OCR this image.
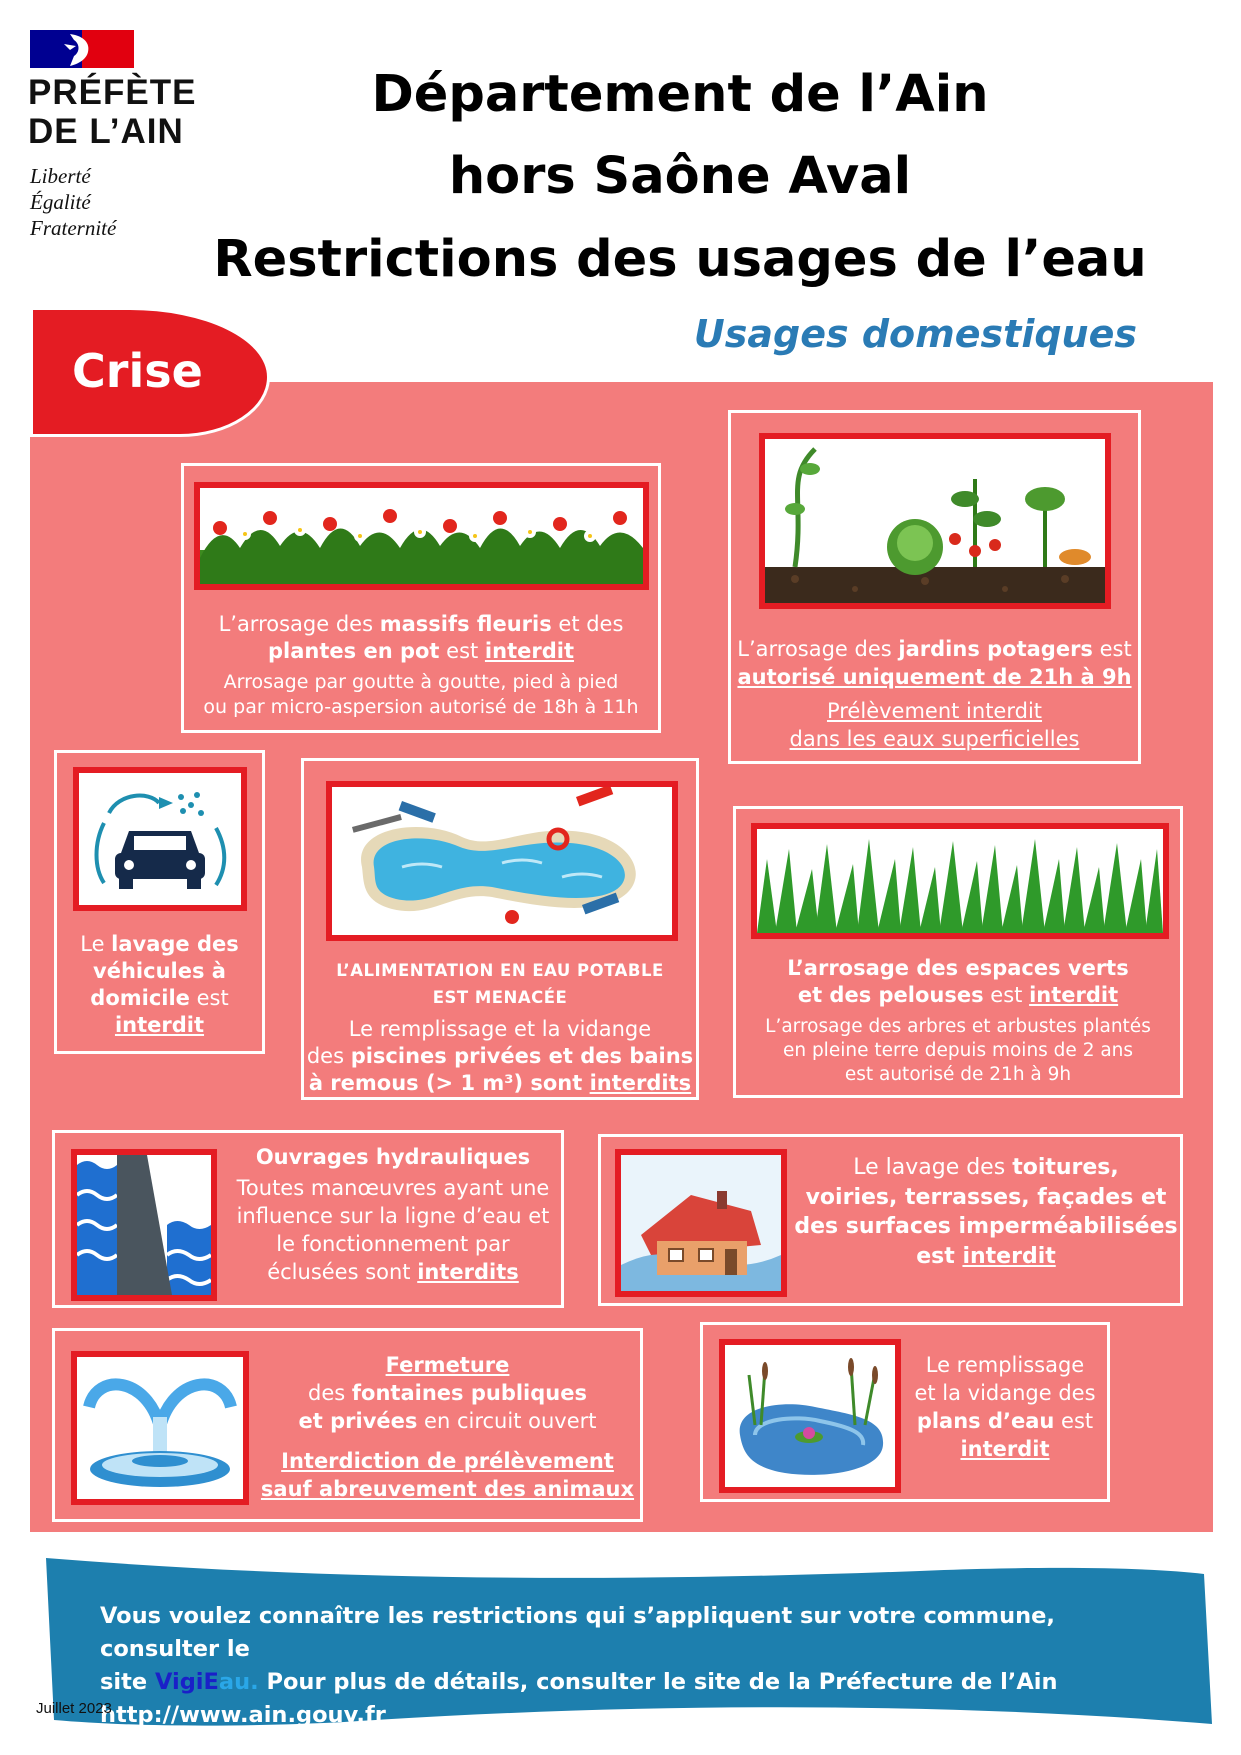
PRÉFÈTE
DE L’AIN
Liberté
Égalité
Fraternité
Département de l’Ain
hors Saône Aval
Restrictions des usages de l’eau
Usages domestiques
Crise
L’arrosage des massifs fleuris et des
plantes en pot est interdit
Arrosage par goutte à goutte, pied à pied
ou par micro-aspersion autorisé de 18h à 11h
L’arrosage des jardins potagers est
autorisé uniquement de 21h à 9h
Prélèvement interdit
dans les eaux superficielles
Le lavage des
véhicules à
domicile est
interdit
L’ALIMENTATION EN EAU POTABLE
EST MENACÉE
Le remplissage et la vidange
des piscines privées et des bains
à remous (> 1 m³) sont interdits
L’arrosage des espaces verts
et des pelouses est interdit
L’arrosage des arbres et arbustes plantés
en pleine terre depuis moins de 2 ans
est autorisé de 21h à 9h
Ouvrages hydrauliques
Toutes manœuvres ayant une
influence sur la ligne d’eau et
le fonctionnement par
éclusées sont interdits
Le lavage des toitures,
voiries, terrasses, façades et
des surfaces imperméabilisées
est interdit
Fermeture
des fontaines publiques
et privées en circuit ouvert
Interdiction de prélèvement
sauf abreuvement des animaux
Le remplissage
et la vidange des
plans d’eau est
interdit
Vous voulez connaître les restrictions qui s’appliquent sur votre commune, consulter le
site VigiEau. Pour plus de détails, consulter le site de la Préfecture de l’Ain
http://www.ain.gouv.fr
Juillet 2023
